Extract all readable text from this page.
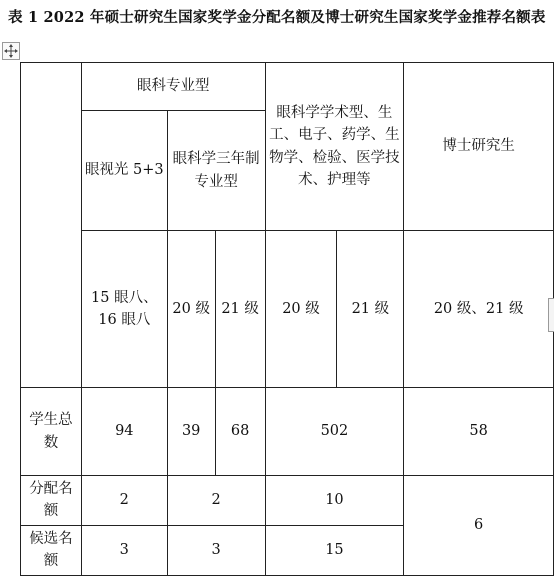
表 1 2022 年硕士研究生国家奖学金分配名额及博士研究生国家奖学金推荐名额表
	眼科专业型			眼科学学术型、生工、电子、药学、生物学、检验、医学技术、护理等		博士研究生
	眼视光 5+3	眼科学三年制专业型				
	15 眼八、16 眼八	20 级	21 级	20 级	21 级	20 级、21 级
学生总数	94	39	68	502		58
分配名额	2	2		10		6
候选名额	3	3		15		
